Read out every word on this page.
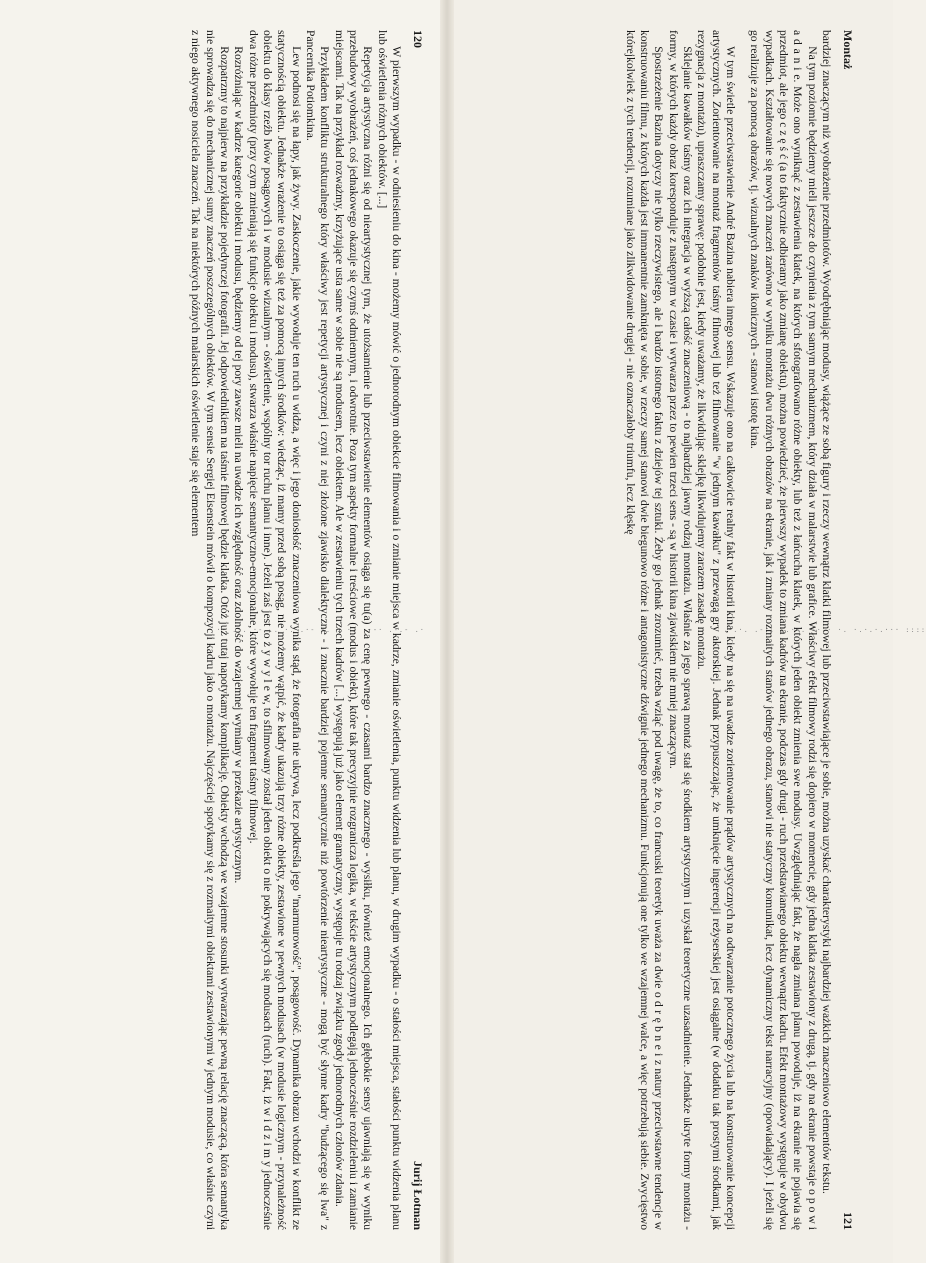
· ·- .-. ·- .. ·. .·- -. . ·. .·-· .-.- .·	·.·. .-.. ..·-. -·.· ·. ·.·.·.··· ::::
120
Jurij Łotman

W pierwszym wypadku - w odniesieniu do kina - możemy mówić o jednorodnym obiekcie filmowania i o zmianie miejsca w kadrze, zmianie oświetlenia, punktu widzenia lub planu, w drugim wypadku - o stałości miejsca, stałości punktu widzenia planu lub oświetlenia różnych obiektów. [...]

Repetycja artystyczna różni się od nieartystycznej tym, że utożsamienie lub przeciwstawienie elementów osiąga się tu(a) za cenę pewnego - czasami bardzo znacznego - wysiłku, również emocjonalnego. Ich głębokie sensy ujawniają się w wyniku przebudowy wyobrażeń, coś jednakowego okazuje się czymś odmiennym, i odwrotnie. Poza tym aspekty formalne i treściowe (modus i obiekt), które tak precyzyjnie rozgranicza logika, w tekście artystycznym podlegają jednocześnie rozdzieleniu i zamianie miejscami. Tak na przykład rozważmy, krzyżujące usta same w sobie nie są modusem, lecz obiektem. Ale w zestawieniu tych trzech kadrów [...] występują już jako element gramatyczny, występuje tu rodzaj związku zgody jednorodnych członów zdania.

Przykładem konfliktu strukturalnego który właściwy jest repetycji artystycznej i czyni z niej złożone zjawisko dialektyczne - i znacznie bardziej pojemne semantycznie niż powtórzenie nieartystyczne - mogą być słynne kadry "budzącego się lwa" z Pancernika Potiomkina.

Lew podnosi się na łapy, jak żywy. Zaskoczenie, jakie wywołuje ten ruch u widza, a więc i jego doniosłość znaczeniowa wynika stąd, że fotografia nie ukrywa, lecz podkreśla jego "marmurowość", posągowość. Dynamika obrazu wchodzi w konflikt ze statycznością obiektu. Jednakże wrażenie to osiąga się też za pomocą innych środków: wiedząc, iż mamy przed sobą posąg, nie możemy wątpić, że kadry ukazują trzy różne obiekty, zestawione w pewnych modusach (w modusie logicznym - przynależność obiektu do klasy rzeźb lwów posągowych i w modusie wizualnym - oświetlenie, wspólny tor ruchu planu i inne). Jeżeli zaś jest to ż y w y l e w, to sfilmowany został jeden obiekt o nie pokrywających się modusach (ruch). Fakt, iż w i d z i m y jednocześnie dwa różne przedmioty (przy czym zmieniają się funkcje obiektu i modusu), stwarza właśnie napięcie semantyczno-emocjonalne, które wywołuje ten fragment taśmy filmowej.

Rozróżniając w kadrze kategorie obiektu i modusu, będziemy od tej pory zawsze mieli na uwadze ich względność oraz zdolność do wzajemnej wymiany w przekazie artystycznym.

Rozpatrzmy to najpierw na przykładzie pojedynczej fotografii. Jej odpowiednikiem na taśmie filmowej będzie klatka. Otóż już tutaj napotykamy komplikację. Obiekty wchodzą we wzajemne stosunki wytwarzając pewną relację znaczącą, która semantyka nie sprowadza się do mechanicznej sumy znaczeń poszczególnych obiektów. W tym sensie Sergiej Eisenstein mówił o kompozycji kadru jako o montażu. Najczęściej spotykamy się z rozmaitymi obiektami zestawionymi w jednym modusie, co właśnie czyni z niego aktywnego nosiciela znaczeń. Tak na niektórych późnych malarskich oświetlenie staje się elementem	Montaż
121

bardziej znaczącym niż wyobrażenie przedmiotów. Wyodrębniając modusy, wiążące ze sobą figury i rzeczy wewnątrz klatki filmowej lub przeciwstawiające je sobie, można uzyskać charakterystyki najbardziej ważkich znaczeniowo elementów tekstu.

Na tym poziomie będziemy mieli jeszcze do czynienia z tym samym mechanizmem, który działa w malarstwie lub grafice. Właściwy efekt filmowy rodzi się dopiero w momencie, gdy jedna klatka zestawiony z drugą, tj. gdy na ekranie powstaje o p o w i a d a n i e. Może ono wyniknąć z zestawienia klatek, na których sfotografowano różne obiekty, lub też z łańcucha klatek, w których jeden obiekt zmienia swe modusy. Uwzględniając fakt, że nagła zmiana planu powoduje, iż na ekranie nie pojawia się przedmiot, ale jego c z ę ś ć (a to faktycznie odbieramy jako zmianę obiektu), można powiedzieć, że pierwszy wypadek to zmiana kadrów na ekranie, podczas gdy drugi - ruch przedstawianego obiektu wewnątrz kadru. Efekt montażowy występuje w obydwu wypadkach. Kształtowanie się nowych znaczeń zarówno w wyniku montażu dwu różnych obrazów na ekranie, jak i zmiany rozmaitych stanów jednego obrazu, stanowi nie statyczny komunikat, lecz dynamiczny tekst narracyjny (opowiadający). I jeżeli się go realizuje za pomocą obrazów, tj. wizualnych znaków ikonicznych - stanowi istotę kina.

W tym świetle przeciwstawienie André Bazina nabiera innego sensu. Wskazuje ono na całkowicie realny fakt w historii kina, kiedy na się na uwadze zorientowanie prądów artystycznych na odtwarzanie potocznego życia lub na konstruowanie koncepcji artystycznych. Zorientowanie na montaż fragmentów taśmy filmowej lub też filmowanie "w jednym kawałku" z przewagą gry aktorskiej. Jednak przypuszczając, że umknięcie ingerencji reżyserskiej jest osiągalne (w dodatku tak prostymi środkami, jak rezygnacja z montażu), upraszczamy sprawę: podobnie jest, kiedy uważamy, że likwidując sklejkę likwidujemy zarazem zasadę montażu.

Sklejanie kawałków taśmy oraz ich integracja w wyższą całość znaczeniową - to najbardziej jawny rodzaj montażu. Właśnie za jego sprawą montaż stał się środkiem artystycznym i uzyskał teoretyczne uzasadnienie. Jednakże ukryte formy montażu - formy, w których każdy obraz koresponduje z następnym w czasie i wytwarza przez to pewien trzeci sens - są w historii kina zjawiskiem nie mniej znaczącym.

Spostrzeżenie Bazina dotyczy nie tylko rzeczywistego, ale i bardzo istotnego faktu z dziejów tej sztuki. Żeby go jednak zrozumieć, trzeba wziąć pod uwagę, że to, co francuski teoretyk uważa za dwie o d r ę b n e i z natury przeciwstawne tendencje w konstruowaniu filmu, z których każda jest immanentnie zamknięta w sobie, w rzeczy samej stanowi dwie biegunowo różne i antagonistyczne dźwignie jednego mechanizmu. Funkcjonują one tylko we wzajemnej walce, a więc potrzebują siebie. Zwycięstwo którejkolwiek z tych tendencji, rozumiane jako zlikwidowanie drugiej - nie oznaczałoby triumfu, lecz klęskę
